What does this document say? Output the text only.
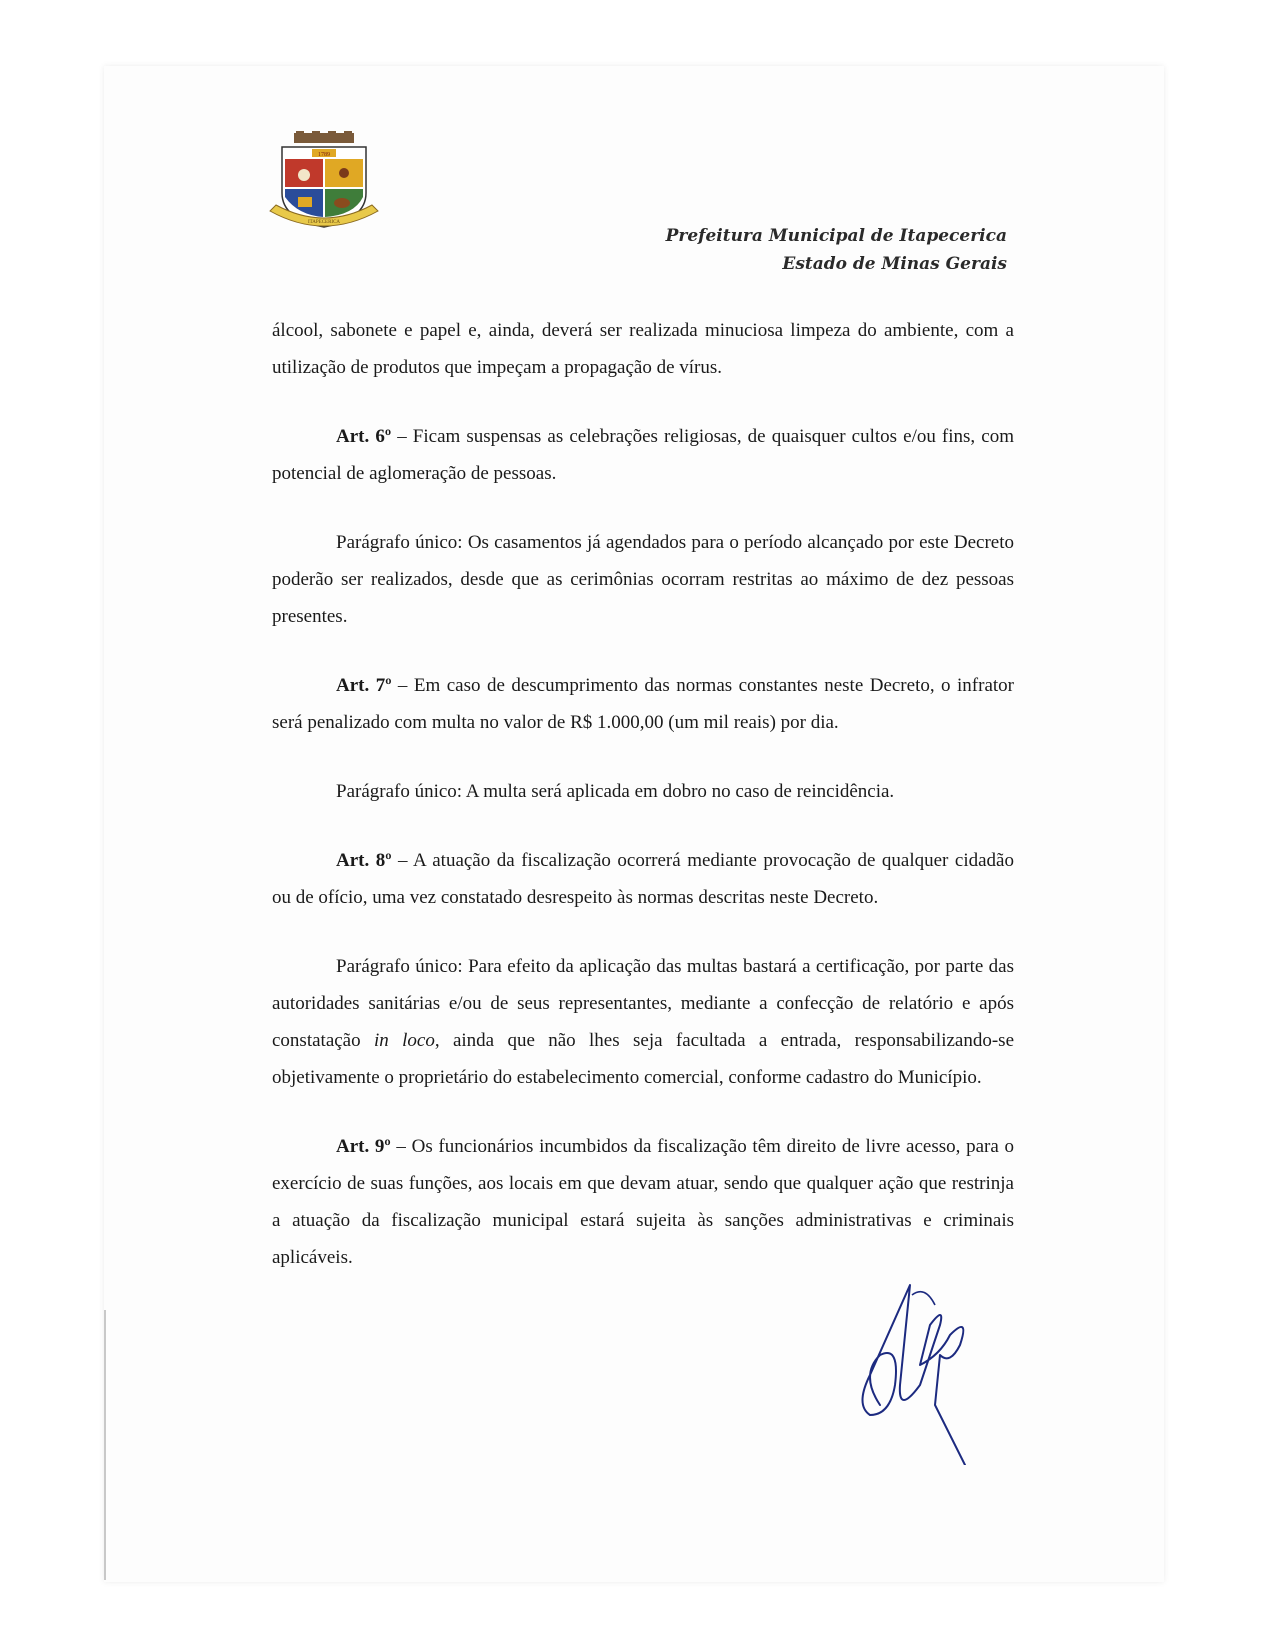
1789
ITAPECERICA
Prefeitura Municipal de Itapecerica
Estado de Minas Gerais

álcool, sabonete e papel e, ainda, deverá ser realizada minuciosa limpeza do ambiente, com a utilização de produtos que impeçam a propagação de vírus.

Art. 6º – Ficam suspensas as celebrações religiosas, de quaisquer cultos e/ou fins, com potencial de aglomeração de pessoas.

Parágrafo único: Os casamentos já agendados para o período alcançado por este Decreto poderão ser realizados, desde que as cerimônias ocorram restritas ao máximo de dez pessoas presentes.

Art. 7º – Em caso de descumprimento das normas constantes neste Decreto, o infrator será penalizado com multa no valor de R$ 1.000,00 (um mil reais) por dia.

Parágrafo único: A multa será aplicada em dobro no caso de reincidência.

Art. 8º – A atuação da fiscalização ocorrerá mediante provocação de qualquer cidadão ou de ofício, uma vez constatado desrespeito às normas descritas neste Decreto.

Parágrafo único: Para efeito da aplicação das multas bastará a certificação, por parte das autoridades sanitárias e/ou de seus representantes, mediante a confecção de relatório e após constatação in loco, ainda que não lhes seja facultada a entrada, responsabilizando-se objetivamente o proprietário do estabelecimento comercial, conforme cadastro do Município.

Art. 9º – Os funcionários incumbidos da fiscalização têm direito de livre acesso, para o exercício de suas funções, aos locais em que devam atuar, sendo que qualquer ação que restrinja a atuação da fiscalização municipal estará sujeita às sanções administrativas e criminais aplicáveis.
